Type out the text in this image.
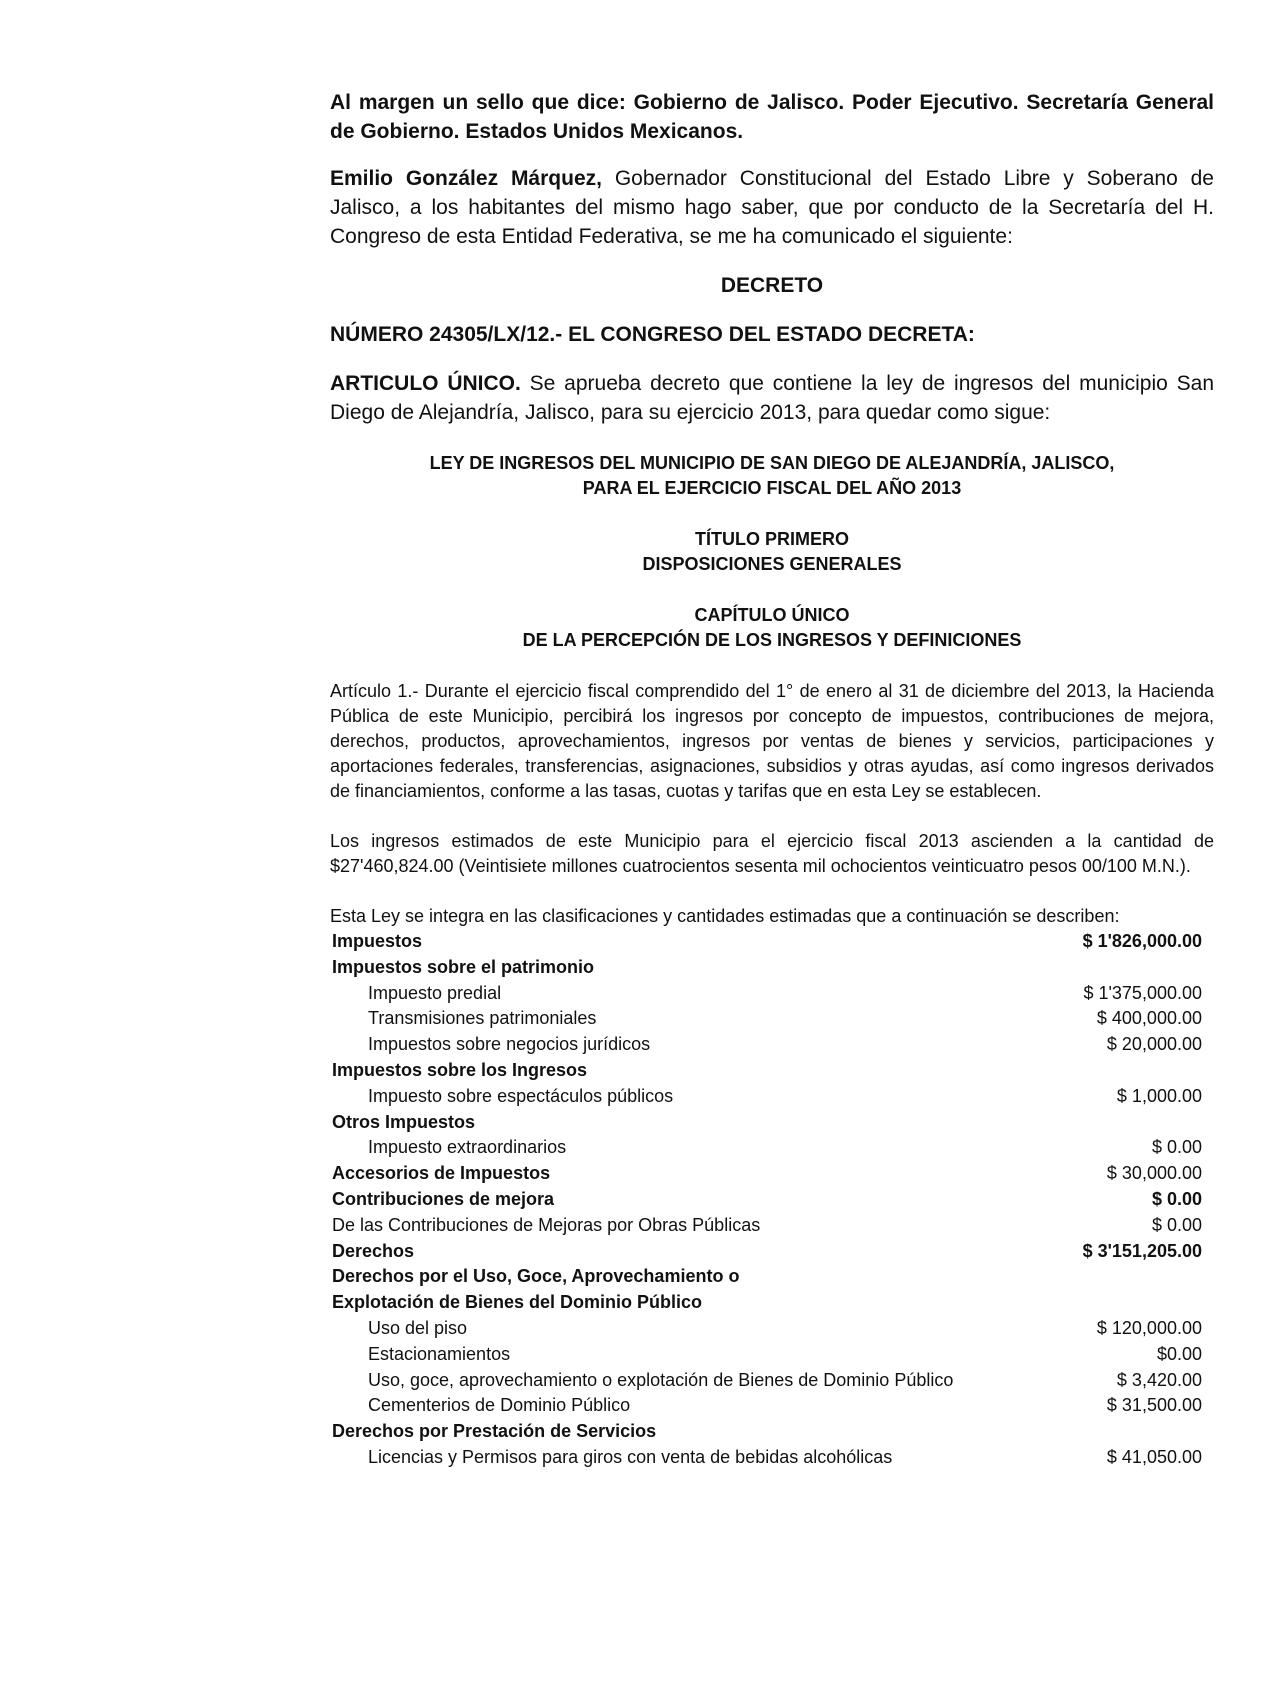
Al margen un sello que dice: Gobierno de Jalisco. Poder Ejecutivo. Secretaría General de Gobierno. Estados Unidos Mexicanos.

Emilio González Márquez, Gobernador Constitucional del Estado Libre y Soberano de Jalisco, a los habitantes del mismo hago saber, que por conducto de la Secretaría del H. Congreso de esta Entidad Federativa, se me ha comunicado el siguiente:

DECRETO

NÚMERO 24305/LX/12.- EL CONGRESO DEL ESTADO DECRETA:

ARTICULO ÚNICO. Se aprueba decreto que contiene la ley de ingresos del municipio San Diego de Alejandría, Jalisco, para su ejercicio 2013, para quedar como sigue:

LEY DE INGRESOS DEL MUNICIPIO DE SAN DIEGO DE ALEJANDRÍA, JALISCO,

PARA EL EJERCICIO FISCAL DEL AÑO 2013

TÍTULO PRIMERO

DISPOSICIONES GENERALES

CAPÍTULO ÚNICO

DE LA PERCEPCIÓN DE LOS INGRESOS Y DEFINICIONES

Artículo 1.- Durante el ejercicio fiscal comprendido del 1° de enero al 31 de diciembre del 2013, la Hacienda Pública de este Municipio, percibirá los ingresos por concepto de impuestos, contribuciones de mejora, derechos, productos, aprovechamientos, ingresos por ventas de bienes y servicios, participaciones y aportaciones federales, transferencias, asignaciones, subsidios y otras ayudas, así como ingresos derivados de financiamientos, conforme a las tasas, cuotas y tarifas que en esta Ley se establecen.

Los ingresos estimados de este Municipio para el ejercicio fiscal 2013 ascienden a la cantidad de $27'460,824.00 (Veintisiete millones cuatrocientos sesenta mil ochocientos veinticuatro pesos 00/100 M.N.).

Esta Ley se integra en las clasificaciones y cantidades estimadas que a continuación se describen:

Impuestos	$ 1'826,000.00
Impuestos sobre el patrimonio	
Impuesto predial	$ 1'375,000.00
Transmisiones patrimoniales	$ 400,000.00
Impuestos sobre negocios jurídicos	$ 20,000.00
Impuestos sobre los Ingresos	
Impuesto sobre espectáculos públicos	$ 1,000.00
Otros Impuestos	
Impuesto extraordinarios	$ 0.00
Accesorios de Impuestos	$ 30,000.00
Contribuciones de mejora	$ 0.00
De las Contribuciones de Mejoras por Obras Públicas	$ 0.00
Derechos	$ 3'151,205.00
Derechos por el Uso, Goce, Aprovechamiento o Explotación de Bienes del Dominio Público	
Uso del piso	$ 120,000.00
Estacionamientos	$0.00
Uso, goce, aprovechamiento o explotación de Bienes de Dominio Público	$ 3,420.00
Cementerios de Dominio Público	$ 31,500.00
Derechos por Prestación de Servicios	
Licencias y Permisos para giros con venta de bebidas alcohólicas	$ 41,050.00
